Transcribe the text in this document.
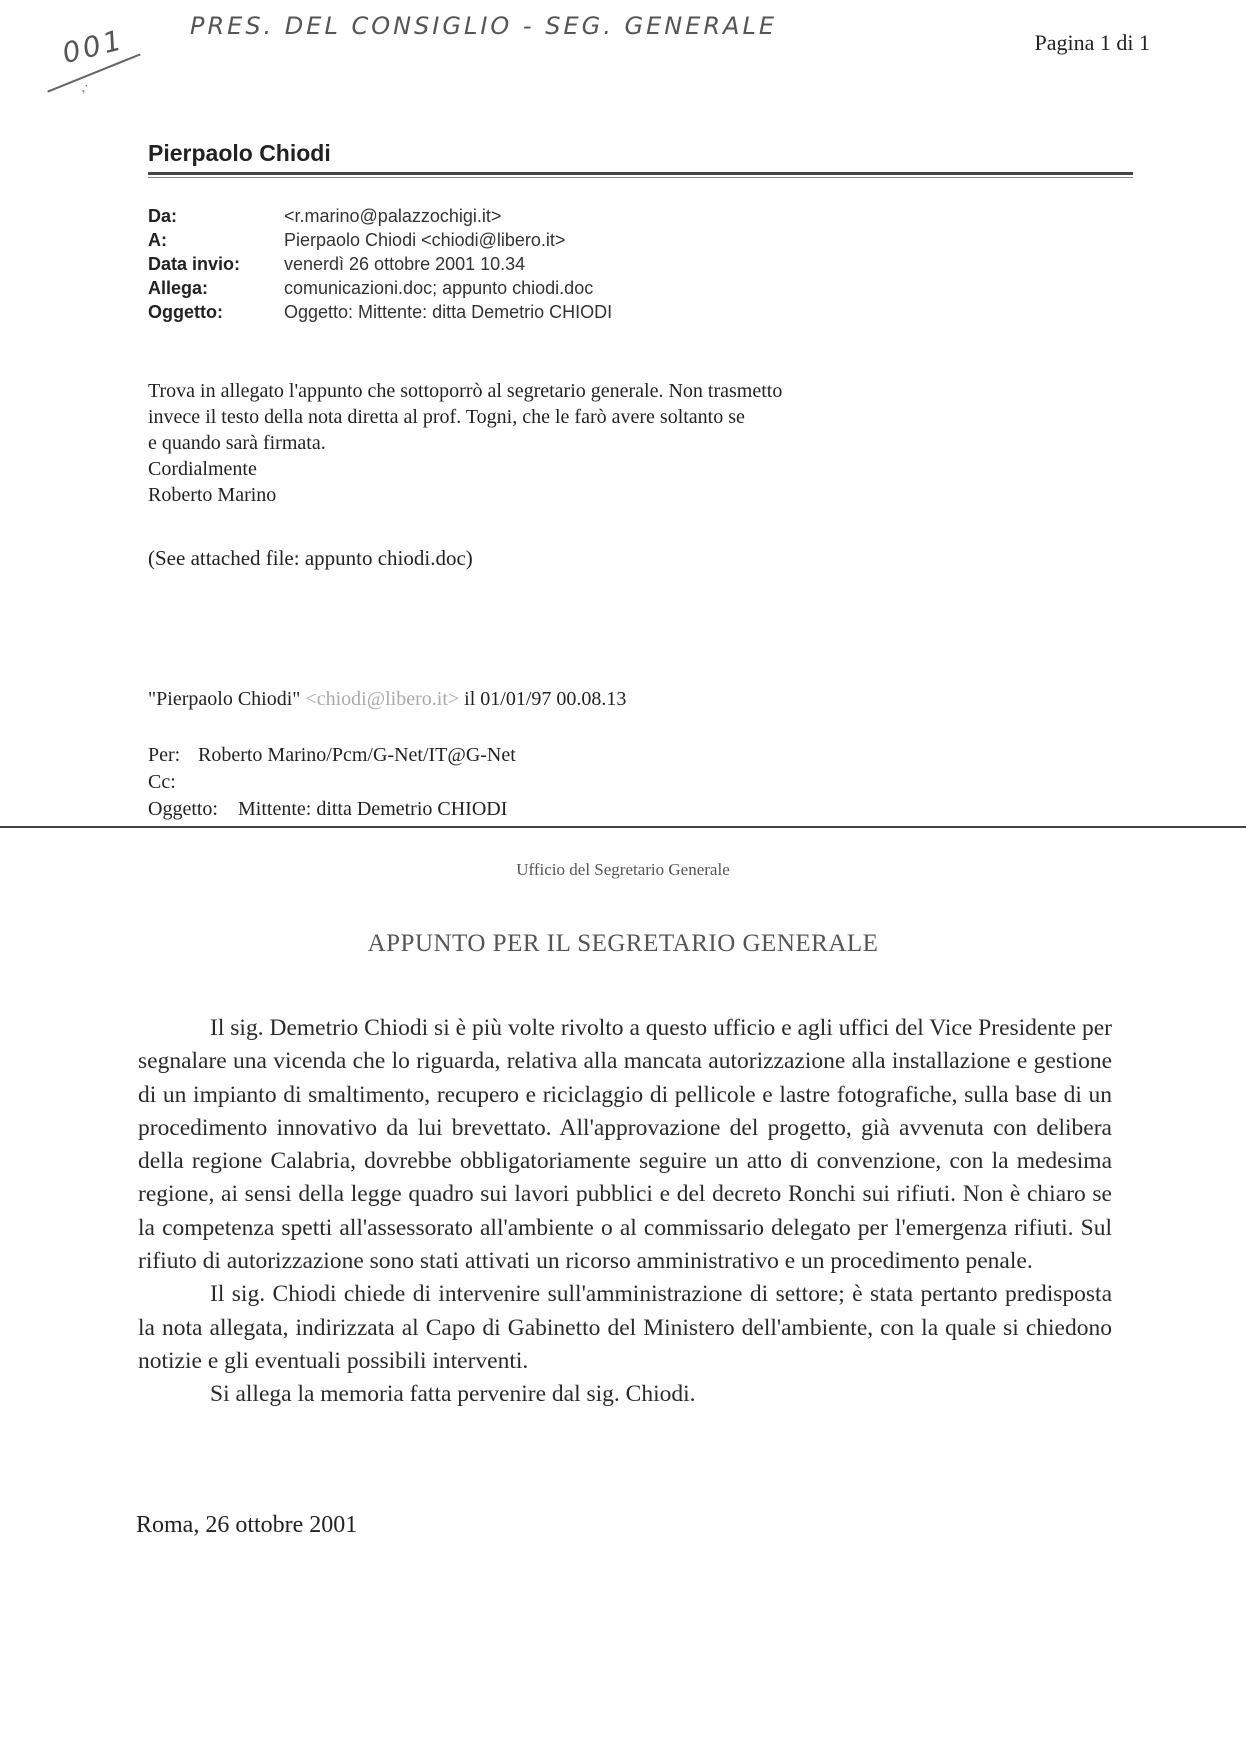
001
‚·
PRES. DEL CONSIGLIO - SEG. GENERALE
Pagina 1 di 1
Pierpaolo Chiodi
Da:	<r.marino@palazzochigi.it>
A:	Pierpaolo Chiodi <chiodi@libero.it>
Data invio:	venerdì 26 ottobre 2001 10.34
Allega:	comunicazioni.doc; appunto chiodi.doc
Oggetto:	Oggetto: Mittente: ditta Demetrio CHIODI

Trova in allegato l'appunto che sottoporrò al segretario generale. Non trasmetto

invece il testo della nota diretta al prof. Togni, che le farò avere soltanto se

e quando sarà firmata.

Cordialmente

Roberto Marino

(See attached file: appunto chiodi.doc)
"Pierpaolo Chiodi" <chiodi@libero.it> il 01/01/97 00.08.13
Per: Roberto Marino/Pcm/G-Net/IT@G-Net
Cc:
Oggetto:	Mittente: ditta Demetrio CHIODI
Ufficio del Segretario Generale
APPUNTO PER IL SEGRETARIO GENERALE

Il sig. Demetrio Chiodi si è più volte rivolto a questo ufficio e agli uffici del Vice Presidente per segnalare una vicenda che lo riguarda, relativa alla mancata autorizzazione alla installazione e gestione di un impianto di smaltimento, recupero e riciclaggio di pellicole e lastre fotografiche, sulla base di un procedimento innovativo da lui brevettato. All'approvazione del progetto, già avvenuta con delibera della regione Calabria, dovrebbe obbligatoriamente seguire un atto di convenzione, con la medesima regione, ai sensi della legge quadro sui lavori pubblici e del decreto Ronchi sui rifiuti. Non è chiaro se la competenza spetti all'assessorato all'ambiente o al commissario delegato per l'emergenza rifiuti. Sul rifiuto di autorizzazione sono stati attivati un ricorso amministrativo e un procedimento penale.

Il sig. Chiodi chiede di intervenire sull'amministrazione di settore; è stata pertanto predisposta la nota allegata, indirizzata al Capo di Gabinetto del Ministero dell'ambiente, con la quale si chiedono notizie e gli eventuali possibili interventi.

Si allega la memoria fatta pervenire dal sig. Chiodi.

Roma, 26 ottobre 2001
